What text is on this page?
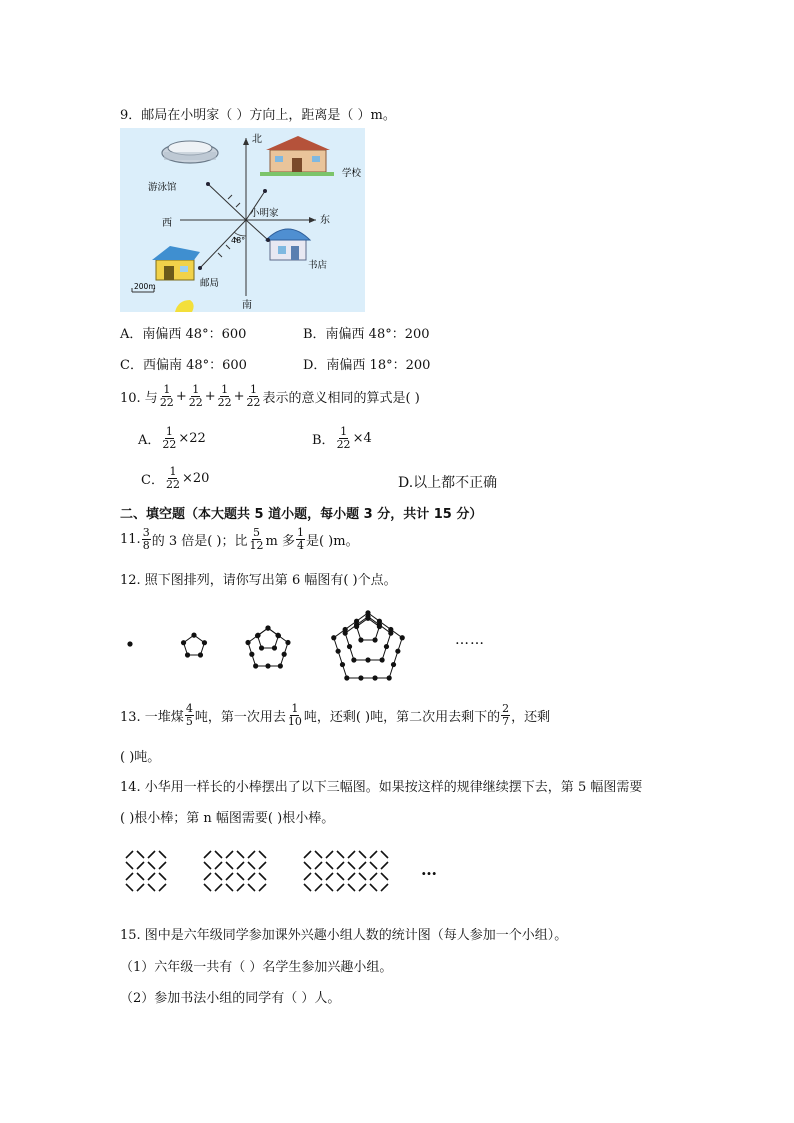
9．邮局在小明家（ ）方向上，距离是（ ）m。
北
南
东
西
小明家
48°
游泳馆
学校
书店
邮局
200m
A．南偏西 48°：600	B．南偏西 48°：200
C．西偏南 48°：600	D．南偏西 18°：200
10. 与 $\frac{1}{22} + \frac{1}{22} + \frac{1}{22} + \frac{1}{22}$ 表示的意义相同的算式是( )
A． $\frac{1}{22} \times 22$	B． $\frac{1}{22} \times 4$
C． $\frac{1}{22} \times 20$	D.以上都不正确
二、填空题（本大题共 5 道小题，每小题 3 分，共计 15 分）
11. $\frac{3}{8}$ 的 3 倍是( )；比 $\frac{5}{12}$ m 多 $\frac{1}{4}$ 是( )m。
12. 照下图排列，请你写出第 6 幅图有( )个点。
……
13. 一堆煤 $\frac{4}{5}$ 吨，第一次用去 $\frac{1}{10}$ 吨，还剩( )吨，第二次用去剩下的 $\frac{2}{7}$ ，还剩
( )吨。
14. 小华用一样长的小棒摆出了以下三幅图。如果按这样的规律继续摆下去，第 5 幅图需要
( )根小棒；第 n 幅图需要( )根小棒。
…
15. 图中是六年级同学参加课外兴趣小组人数的统计图（每人参加一个小组）。
（1）六年级一共有（ ）名学生参加兴趣小组。
（2）参加书法小组的同学有（ ）人。
